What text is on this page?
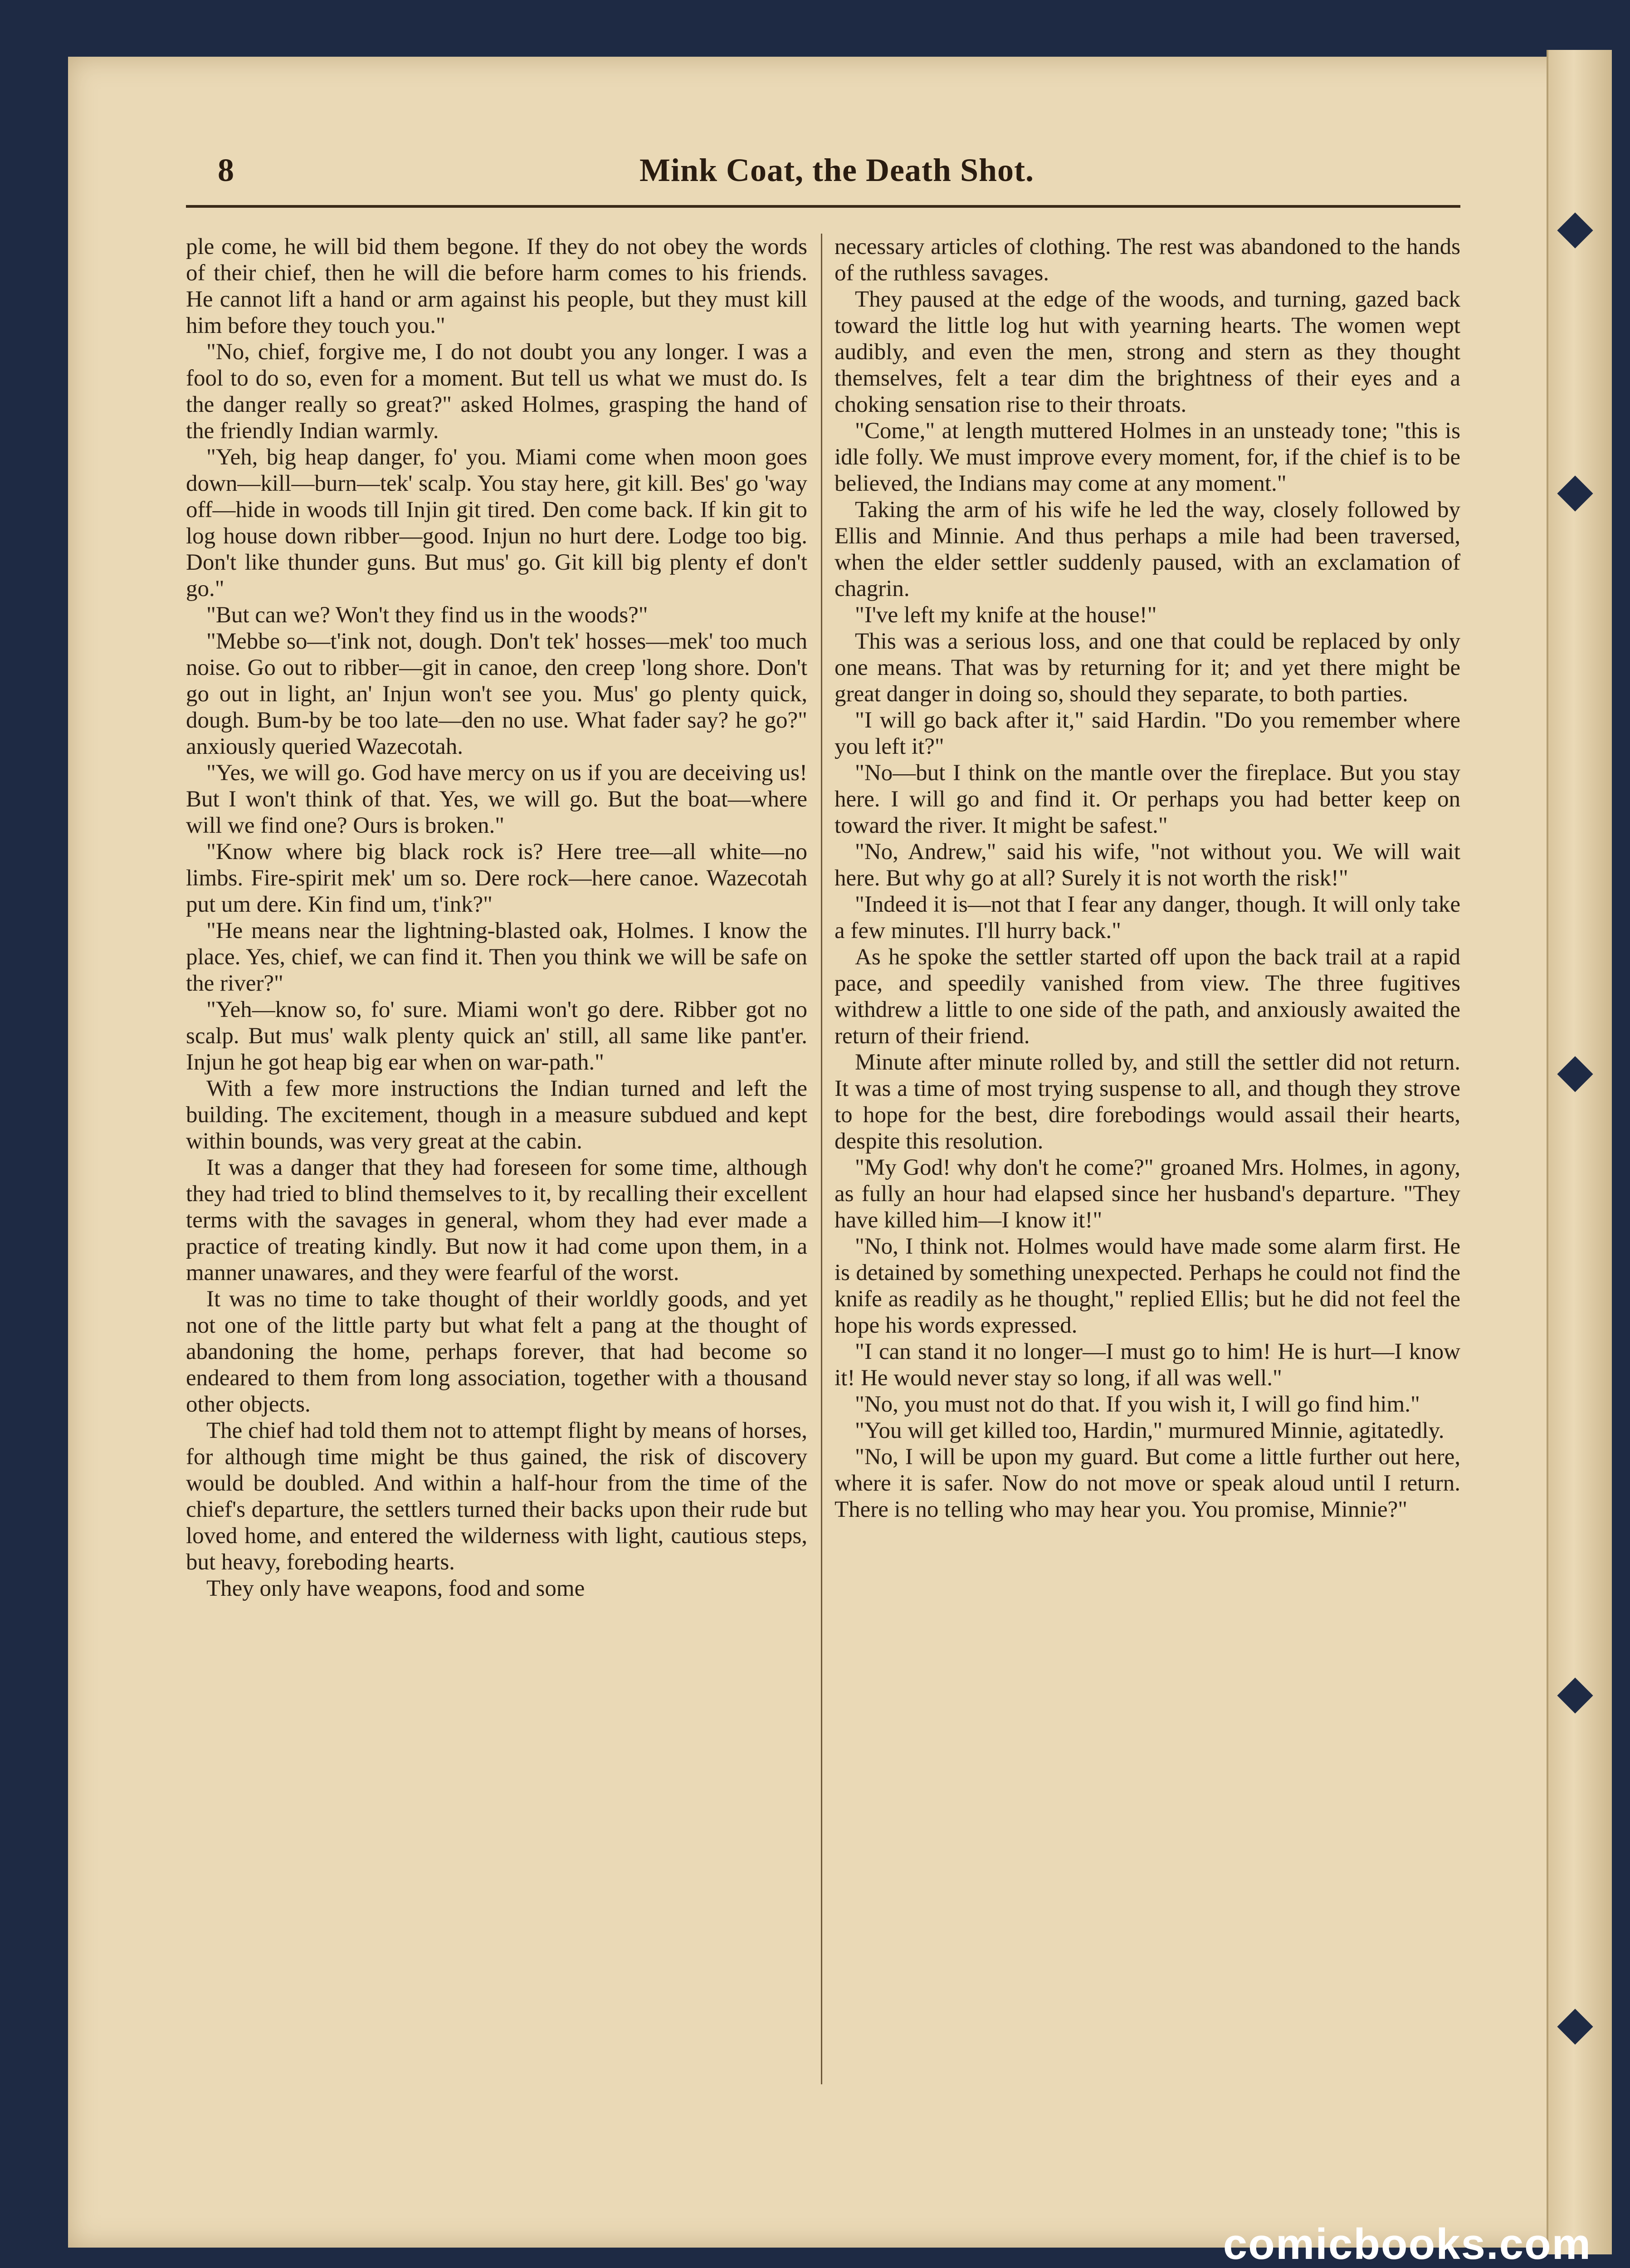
8	Mink Coat, the Death Shot.

ple come, he will bid them begone. If they do not obey the words of their chief, then he will die before harm comes to his friends. He cannot lift a hand or arm against his people, but they must kill him before they touch you."

"No, chief, forgive me, I do not doubt you any longer. I was a fool to do so, even for a moment. But tell us what we must do. Is the danger really so great?" asked Holmes, grasping the hand of the friendly Indian warmly.

"Yeh, big heap danger, fo' you. Miami come when moon goes down—kill—burn—tek' scalp. You stay here, git kill. Bes' go 'way off—hide in woods till Injin git tired. Den come back. If kin git to log house down ribber—good. Injun no hurt dere. Lodge too big. Don't like thunder guns. But mus' go. Git kill big plenty ef don't go."

"But can we? Won't they find us in the woods?"

"Mebbe so—t'ink not, dough. Don't tek' hosses—mek' too much noise. Go out to ribber—git in canoe, den creep 'long shore. Don't go out in light, an' Injun won't see you. Mus' go plenty quick, dough. Bum-by be too late—den no use. What fader say? he go?" anxiously queried Wazecotah.

"Yes, we will go. God have mercy on us if you are deceiving us! But I won't think of that. Yes, we will go. But the boat—where will we find one? Ours is broken."

"Know where big black rock is? Here tree—all white—no limbs. Fire-spirit mek' um so. Dere rock—here canoe. Wazecotah put um dere. Kin find um, t'ink?"

"He means near the lightning-blasted oak, Holmes. I know the place. Yes, chief, we can find it. Then you think we will be safe on the river?"

"Yeh—know so, fo' sure. Miami won't go dere. Ribber got no scalp. But mus' walk plenty quick an' still, all same like pant'er. Injun he got heap big ear when on war-path."

With a few more instructions the Indian turned and left the building. The excitement, though in a measure subdued and kept within bounds, was very great at the cabin.

It was a danger that they had foreseen for some time, although they had tried to blind themselves to it, by recalling their excellent terms with the savages in general, whom they had ever made a practice of treating kindly. But now it had come upon them, in a manner unawares, and they were fearful of the worst.

It was no time to take thought of their worldly goods, and yet not one of the little party but what felt a pang at the thought of abandoning the home, perhaps forever, that had become so endeared to them from long association, together with a thousand other objects.

The chief had told them not to attempt flight by means of horses, for although time might be thus gained, the risk of discovery would be doubled. And within a half-hour from the time of the chief's departure, the settlers turned their backs upon their rude but loved home, and entered the wilderness with light, cautious steps, but heavy, foreboding hearts.

They only have weapons, food and some

necessary articles of clothing. The rest was abandoned to the hands of the ruthless savages.

They paused at the edge of the woods, and turning, gazed back toward the little log hut with yearning hearts. The women wept audibly, and even the men, strong and stern as they thought themselves, felt a tear dim the brightness of their eyes and a choking sensation rise to their throats.

"Come," at length muttered Holmes in an unsteady tone; "this is idle folly. We must improve every moment, for, if the chief is to be believed, the Indians may come at any moment."

Taking the arm of his wife he led the way, closely followed by Ellis and Minnie. And thus perhaps a mile had been traversed, when the elder settler suddenly paused, with an exclamation of chagrin.

"I've left my knife at the house!"

This was a serious loss, and one that could be replaced by only one means. That was by returning for it; and yet there might be great danger in doing so, should they separate, to both parties.

"I will go back after it," said Hardin. "Do you remember where you left it?"

"No—but I think on the mantle over the fireplace. But you stay here. I will go and find it. Or perhaps you had better keep on toward the river. It might be safest."

"No, Andrew," said his wife, "not without you. We will wait here. But why go at all? Surely it is not worth the risk!"

"Indeed it is—not that I fear any danger, though. It will only take a few minutes. I'll hurry back."

As he spoke the settler started off upon the back trail at a rapid pace, and speedily vanished from view. The three fugitives withdrew a little to one side of the path, and anxiously awaited the return of their friend.

Minute after minute rolled by, and still the settler did not return. It was a time of most trying suspense to all, and though they strove to hope for the best, dire forebodings would assail their hearts, despite this resolution.

"My God! why don't he come?" groaned Mrs. Holmes, in agony, as fully an hour had elapsed since her husband's departure. "They have killed him—I know it!"

"No, I think not. Holmes would have made some alarm first. He is detained by something unexpected. Perhaps he could not find the knife as readily as he thought," replied Ellis; but he did not feel the hope his words expressed.

"I can stand it no longer—I must go to him! He is hurt—I know it! He would never stay so long, if all was well."

"No, you must not do that. If you wish it, I will go find him."

"You will get killed too, Hardin," murmured Minnie, agitatedly.

"No, I will be upon my guard. But come a little further out here, where it is safer. Now do not move or speak aloud until I return. There is no telling who may hear you. You promise, Minnie?"

comicbooks.com
